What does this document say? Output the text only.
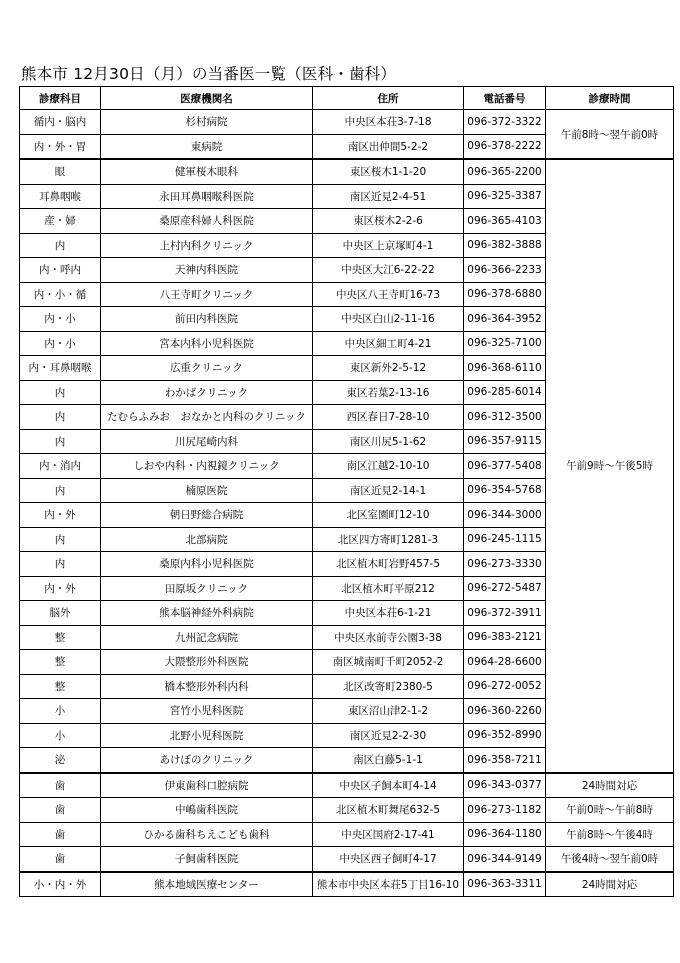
熊本市 12月30日（月）の当番医一覧（医科・歯科）
診療科目	医療機関名	住所	電話番号	診療時間
循内・脳内	杉村病院	中央区本荘3-7-18	096-372-3322	午前8時～翌午前0時
内・外・胃	東病院	南区出仲間5-2-2	096-378-2222	
眼	健軍桜木眼科	東区桜木1-1-20	096-365-2200	午前9時～午後5時
耳鼻咽喉	永田耳鼻咽喉科医院	南区近見2-4-51	096-325-3387	
産・婦	桑原産科婦人科医院	東区桜木2-2-6	096-365-4103	
内	上村内科クリニック	中央区上京塚町4-1	096-382-3888	
内・呼内	天神内科医院	中央区大江6-22-22	096-366-2233	
内・小・循	八王寺町クリニック	中央区八王寺町16-73	096-378-6880	
内・小	前田内科医院	中央区白山2-11-16	096-364-3952	
内・小	宮本内科小児科医院	中央区細工町4-21	096-325-7100	
内・耳鼻咽喉	広重クリニック	東区新外2-5-12	096-368-6110	
内	わかばクリニック	東区若葉2-13-16	096-285-6014	
内	たむらふみお　おなかと内科のクリニック	西区春日7-28-10	096-312-3500	
内	川尻尾崎内科	南区川尻5-1-62	096-357-9115	
内・消内	しおや内科・内視鏡クリニック	南区江越2-10-10	096-377-5408	
内	楠原医院	南区近見2-14-1	096-354-5768	
内・外	朝日野総合病院	北区室園町12-10	096-344-3000	
内	北部病院	北区四方寄町1281-3	096-245-1115	
内	桑原内科小児科医院	北区植木町岩野457-5	096-273-3330	
内・外	田原坂クリニック	北区植木町平原212	096-272-5487	
脳外	熊本脳神経外科病院	中央区本荘6-1-21	096-372-3911	
整	九州記念病院	中央区水前寺公園3-38	096-383-2121	
整	大隈整形外科医院	南区城南町千町2052-2	0964-28-6600	
整	橋本整形外科内科	北区改寄町2380-5	096-272-0052	
小	宮竹小児科医院	東区沼山津2-1-2	096-360-2260	
小	北野小児科医院	南区近見2-2-30	096-352-8990	
泌	あけぼのクリニック	南区白藤5-1-1	096-358-7211	
歯	伊東歯科口腔病院	中央区子飼本町4-14	096-343-0377	24時間対応
歯	中嶋歯科医院	北区植木町舞尾632-5	096-273-1182	午前0時～午前8時
歯	ひかる歯科ちえこども歯科	中央区国府2-17-41	096-364-1180	午前8時～午後4時
歯	子飼歯科医院	中央区西子飼町4-17	096-344-9149	午後4時～翌午前0時
小・内・外	熊本地域医療センター	熊本市中央区本荘5丁目16-10	096-363-3311	24時間対応
